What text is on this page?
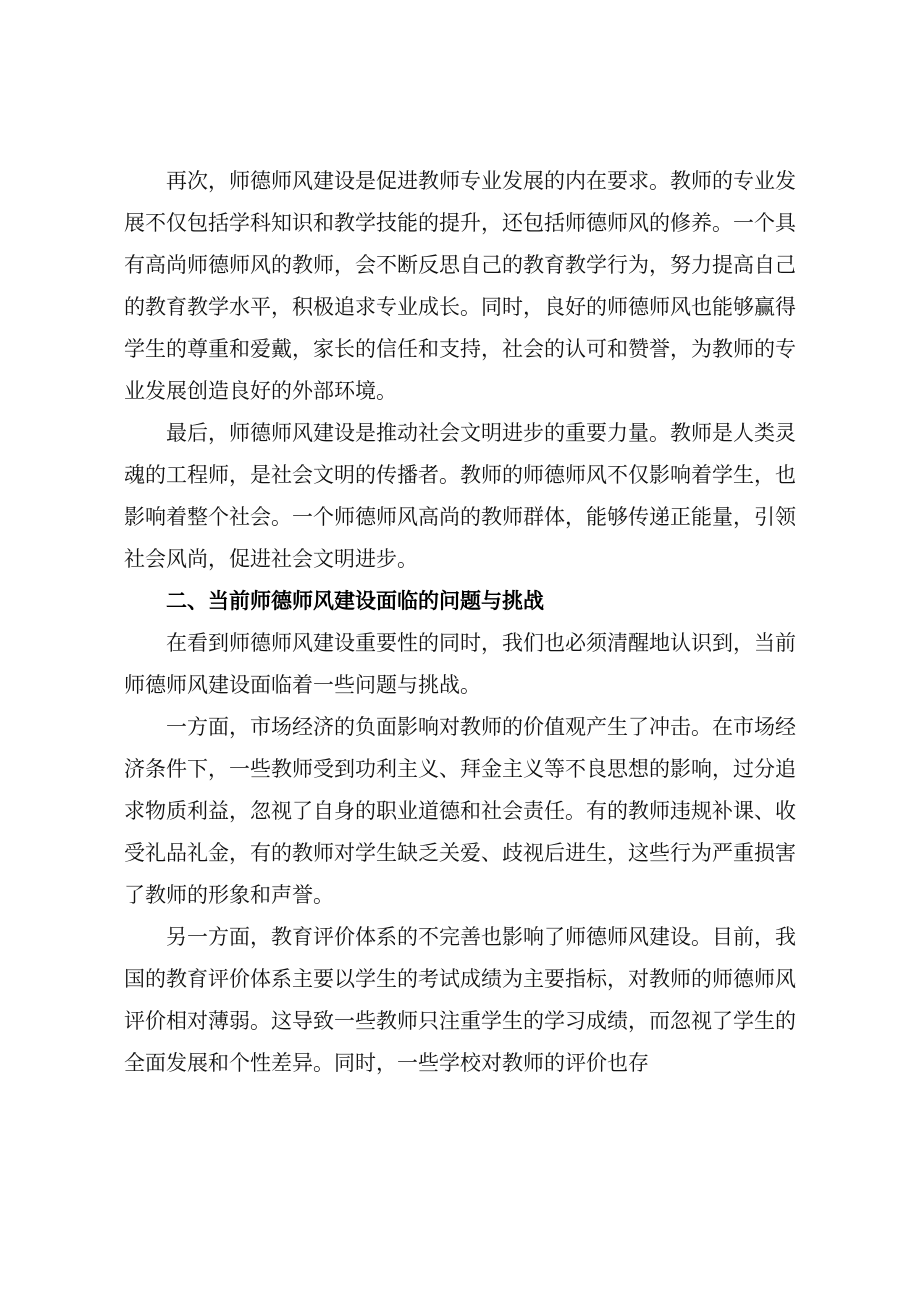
再次，师德师风建设是促进教师专业发展的内在要求。教师的专业发展不仅包括学科知识和教学技能的提升，还包括师德师风的修养。一个具有高尚师德师风的教师，会不断反思自己的教育教学行为，努力提高自己的教育教学水平，积极追求专业成长。同时，良好的师德师风也能够赢得学生的尊重和爱戴，家长的信任和支持，社会的认可和赞誉，为教师的专业发展创造良好的外部环境。

最后，师德师风建设是推动社会文明进步的重要力量。教师是人类灵魂的工程师，是社会文明的传播者。教师的师德师风不仅影响着学生，也影响着整个社会。一个师德师风高尚的教师群体，能够传递正能量，引领社会风尚，促进社会文明进步。

二、当前师德师风建设面临的问题与挑战

在看到师德师风建设重要性的同时，我们也必须清醒地认识到，当前师德师风建设面临着一些问题与挑战。

一方面，市场经济的负面影响对教师的价值观产生了冲击。在市场经济条件下，一些教师受到功利主义、拜金主义等不良思想的影响，过分追求物质利益，忽视了自身的职业道德和社会责任。有的教师违规补课、收受礼品礼金，有的教师对学生缺乏关爱、歧视后进生，这些行为严重损害了教师的形象和声誉。

另一方面，教育评价体系的不完善也影响了师德师风建设。目前，我国的教育评价体系主要以学生的考试成绩为主要指标，对教师的师德师风评价相对薄弱。这导致一些教师只注重学生的学习成绩，而忽视了学生的全面发展和个性差异。同时，一些学校对教师的评价也存
